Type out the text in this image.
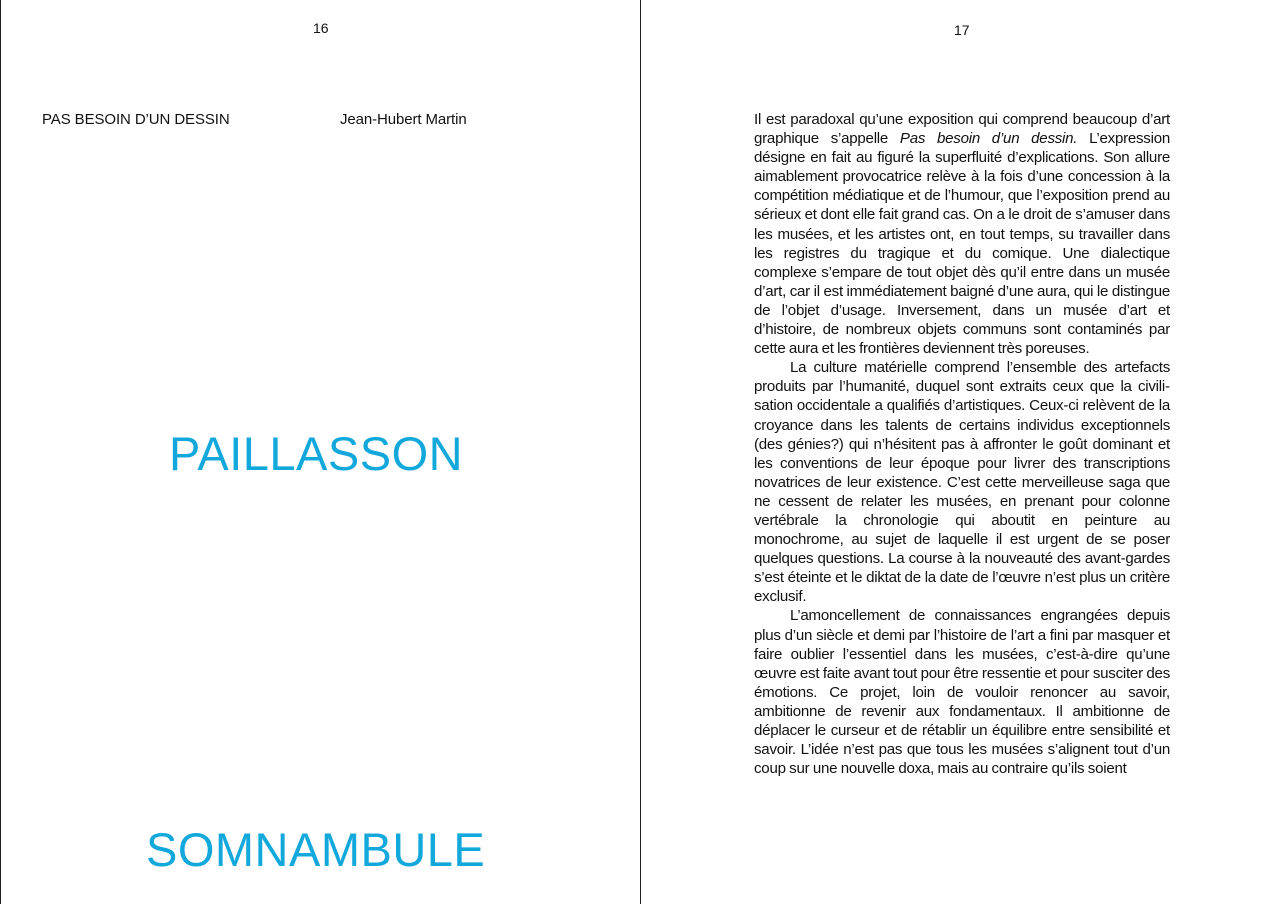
16
PAS BESOIN D’UN DESSIN	Jean-Hubert Martin
PAILLASSON
SOMNAMBULE
17

Il est paradoxal qu’une exposition qui comprend beaucoup d’art graphique s’appelle Pas besoin d’un dessin. L’expression désigne en fait au figuré la superfluité d’explications. Son allure aimablement provocatrice relève à la fois d’une concession à la compétition médiatique et de l’humour, que l’exposition prend au sérieux et dont elle fait grand cas. On a le droit de s’amuser dans les musées, et les artistes ont, en tout temps, su travailler dans les registres du tragique et du comique. Une dialectique complexe s’empare de tout objet dès qu’il entre dans un musée d’art, car il est immédiatement baigné d’une aura, qui le distingue de l’objet d’usage. Inversement, dans un musée d’art et d’histoire, de nombreux objets communs sont contaminés par cette aura et les frontières deviennent très poreuses.

La culture matérielle comprend l’ensemble des artefacts produits par l’humanité, duquel sont extraits ceux que la civilisation occidentale a qualifiés d’artistiques. Ceux-ci relèvent de la croyance dans les talents de certains individus exceptionnels (des génies?) qui n’hésitent pas à affronter le goût dominant et les conventions de leur époque pour livrer des transcriptions novatrices de leur existence. C’est cette merveilleuse saga que ne cessent de relater les musées, en prenant pour colonne vertébrale la chronologie qui aboutit en peinture au monochrome, au sujet de laquelle il est urgent de se poser quelques questions. La course à la nouveauté des avant-gardes s’est éteinte et le diktat de la date de l’œuvre n’est plus un critère exclusif.

L’amoncellement de connaissances engrangées depuis plus d’un siècle et demi par l’histoire de l’art a fini par masquer et faire oublier l’essentiel dans les musées, c’est-à-dire qu’une œuvre est faite avant tout pour être ressentie et pour susciter des émotions. Ce projet, loin de vouloir renoncer au savoir, ambitionne de revenir aux fondamentaux. Il ambitionne de déplacer le curseur et de rétablir un équilibre entre sensibilité et savoir. L’idée n’est pas que tous les musées s’alignent tout d’un coup sur une nouvelle doxa, mais au contraire qu’ils soient
